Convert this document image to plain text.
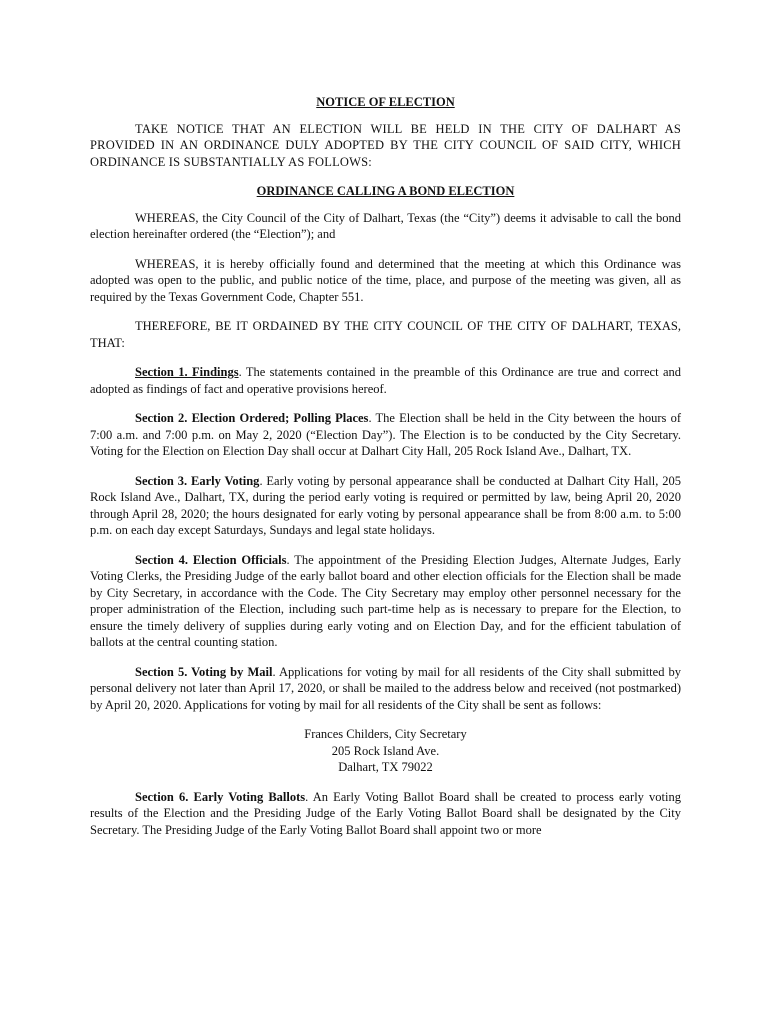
NOTICE OF ELECTION

TAKE NOTICE THAT AN ELECTION WILL BE HELD IN THE CITY OF DALHART AS PROVIDED IN AN ORDINANCE DULY ADOPTED BY THE CITY COUNCIL OF SAID CITY, WHICH ORDINANCE IS SUBSTANTIALLY AS FOLLOWS:

ORDINANCE CALLING A BOND ELECTION

WHEREAS, the City Council of the City of Dalhart, Texas (the “City”) deems it advisable to call the bond election hereinafter ordered (the “Election”); and

WHEREAS, it is hereby officially found and determined that the meeting at which this Ordinance was adopted was open to the public, and public notice of the time, place, and purpose of the meeting was given, all as required by the Texas Government Code, Chapter 551.

THEREFORE, BE IT ORDAINED BY THE CITY COUNCIL OF THE CITY OF DALHART, TEXAS, THAT:

Section 1. Findings. The statements contained in the preamble of this Ordinance are true and correct and adopted as findings of fact and operative provisions hereof.

Section 2. Election Ordered; Polling Places. The Election shall be held in the City between the hours of 7:00 a.m. and 7:00 p.m. on May 2, 2020 (“Election Day”). The Election is to be conducted by the City Secretary. Voting for the Election on Election Day shall occur at Dalhart City Hall, 205 Rock Island Ave., Dalhart, TX.

Section 3. Early Voting. Early voting by personal appearance shall be conducted at Dalhart City Hall, 205 Rock Island Ave., Dalhart, TX, during the period early voting is required or permitted by law, being April 20, 2020 through April 28, 2020; the hours designated for early voting by personal appearance shall be from 8:00 a.m. to 5:00 p.m. on each day except Saturdays, Sundays and legal state holidays.

Section 4. Election Officials. The appointment of the Presiding Election Judges, Alternate Judges, Early Voting Clerks, the Presiding Judge of the early ballot board and other election officials for the Election shall be made by City Secretary, in accordance with the Code. The City Secretary may employ other personnel necessary for the proper administration of the Election, including such part-time help as is necessary to prepare for the Election, to ensure the timely delivery of supplies during early voting and on Election Day, and for the efficient tabulation of ballots at the central counting station.

Section 5. Voting by Mail. Applications for voting by mail for all residents of the City shall submitted by personal delivery not later than April 17, 2020, or shall be mailed to the address below and received (not postmarked) by April 20, 2020. Applications for voting by mail for all residents of the City shall be sent as follows:

Frances Childers, City Secretary
205 Rock Island Ave.
Dalhart, TX 79022

Section 6. Early Voting Ballots. An Early Voting Ballot Board shall be created to process early voting results of the Election and the Presiding Judge of the Early Voting Ballot Board shall be designated by the City Secretary. The Presiding Judge of the Early Voting Ballot Board shall appoint two or more
